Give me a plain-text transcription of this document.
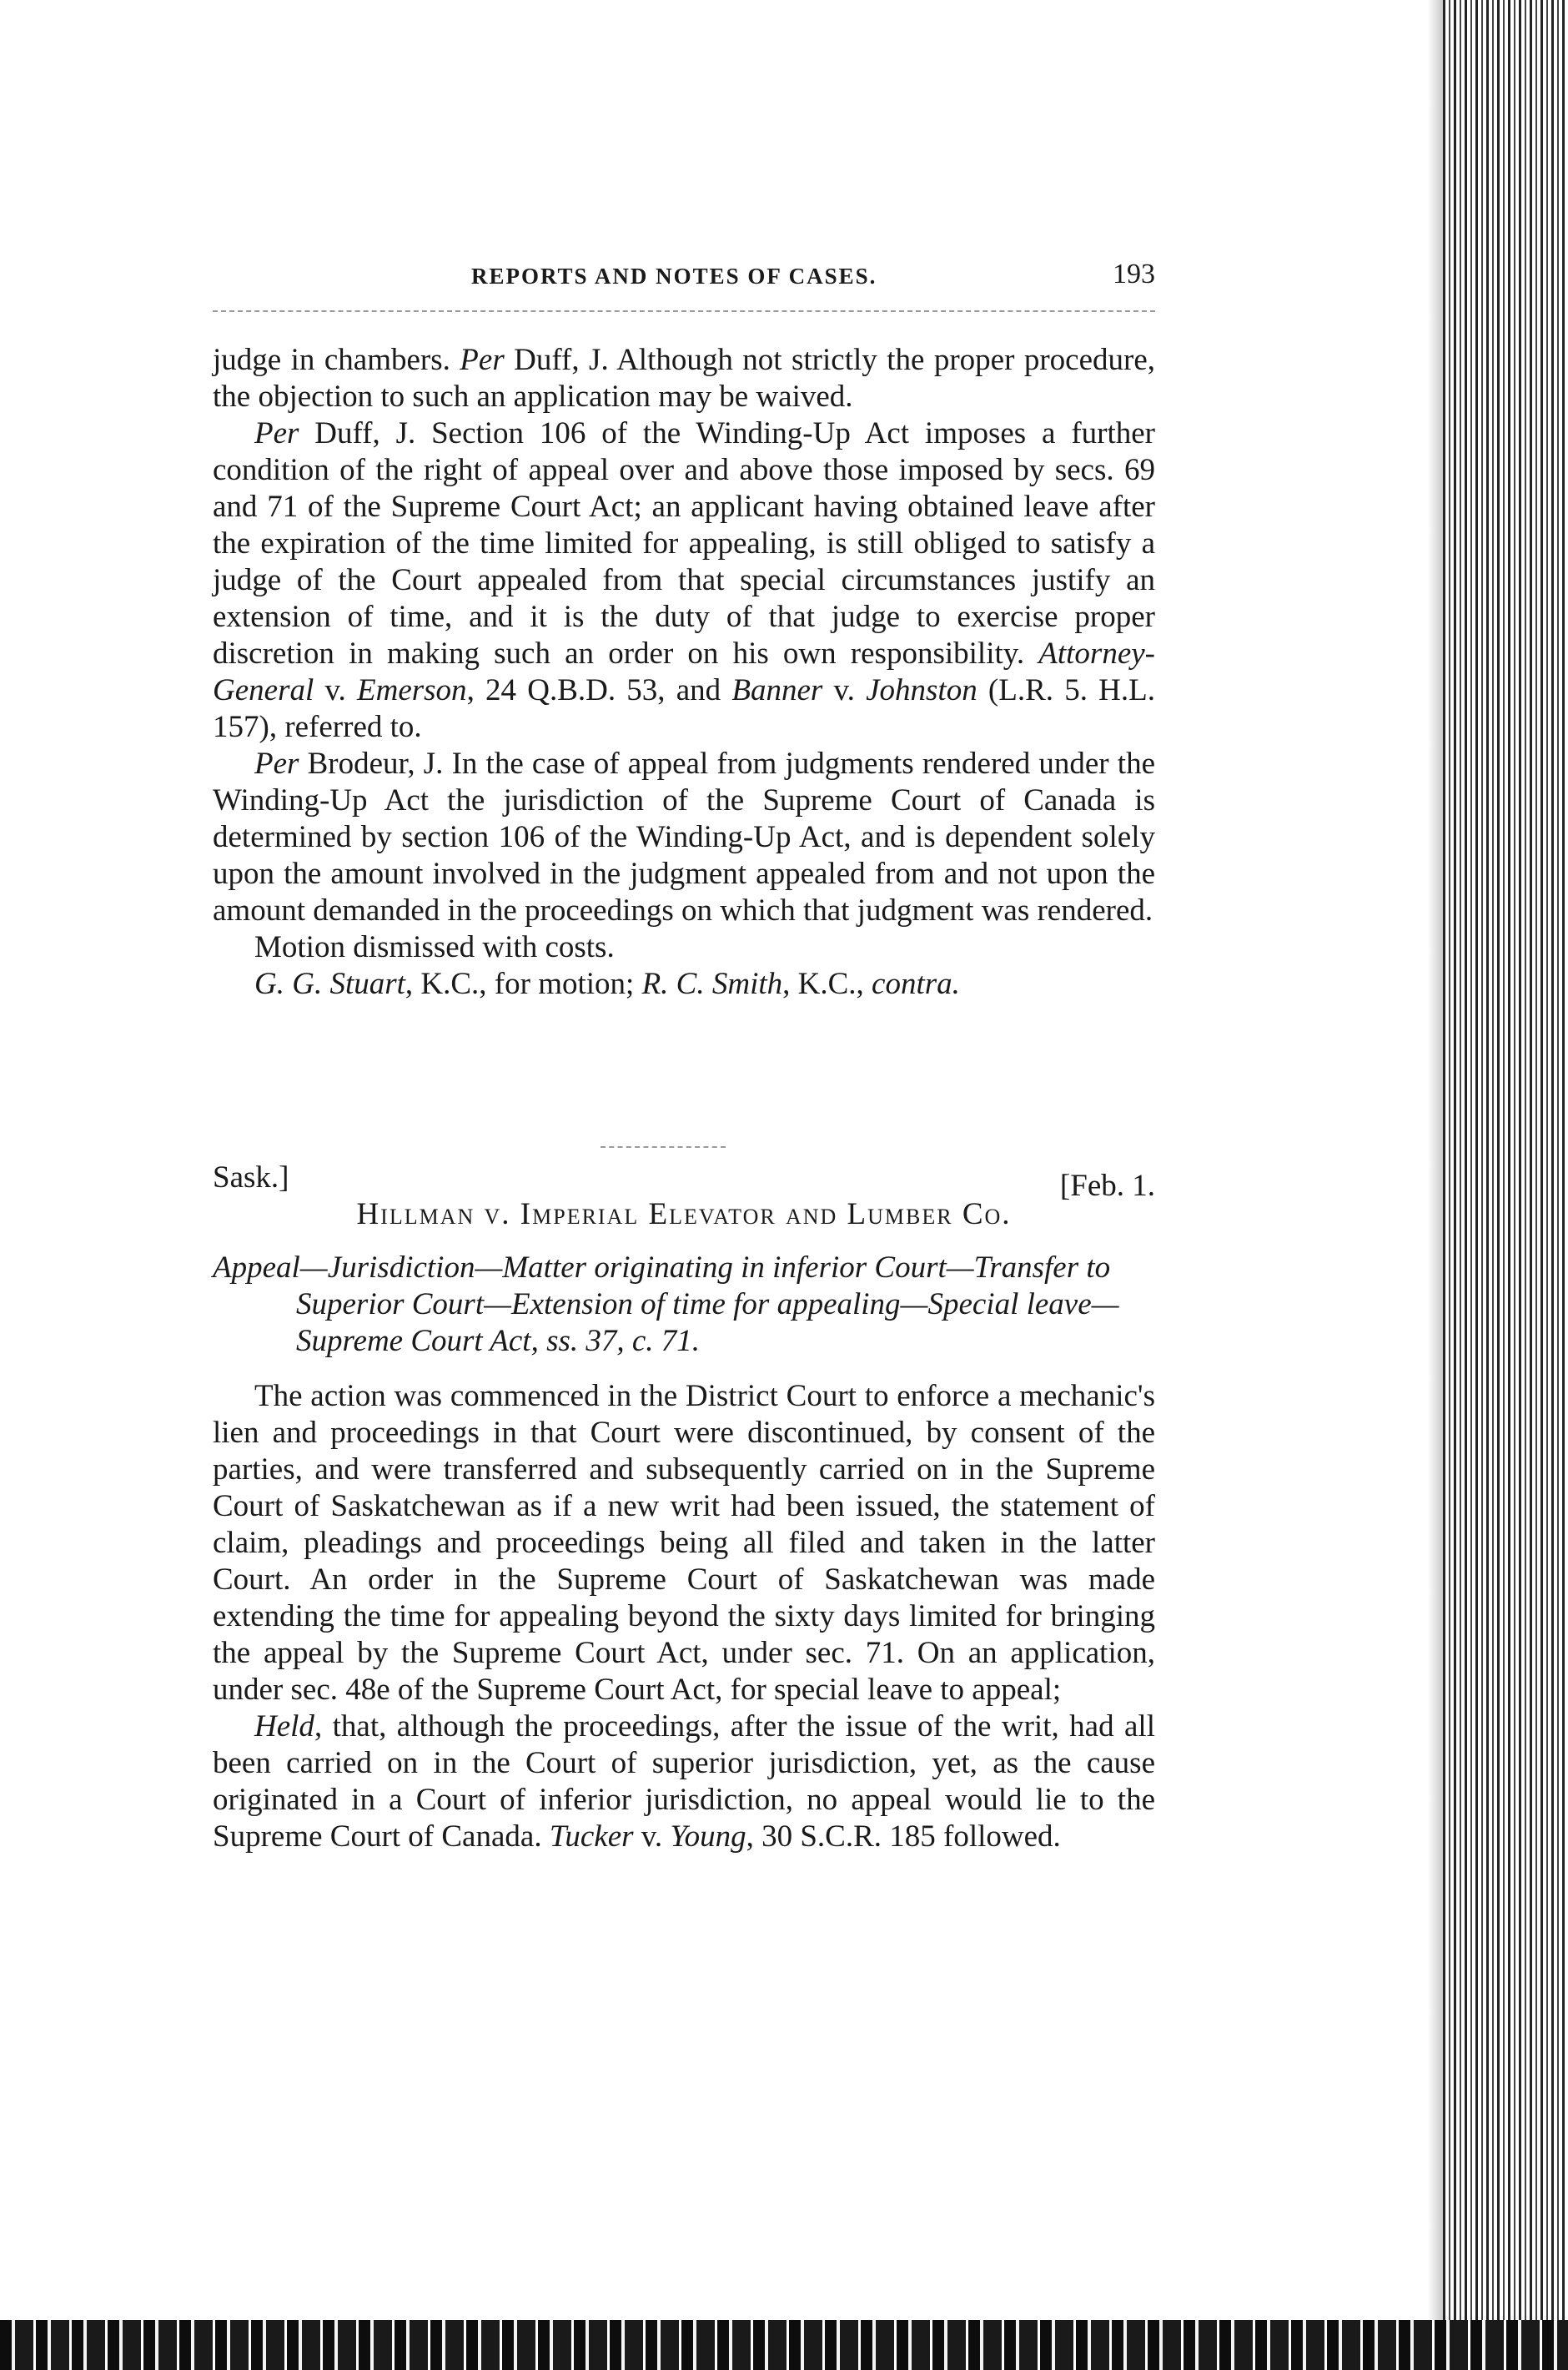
REPORTS AND NOTES OF CASES.	193

judge in chambers. Per Duff, J. Although not strictly the proper procedure, the objection to such an application may be waived.

Per Duff, J. Section 106 of the Winding-Up Act imposes a further condition of the right of appeal over and above those imposed by secs. 69 and 71 of the Supreme Court Act; an applicant having obtained leave after the expiration of the time limited for appealing, is still obliged to satisfy a judge of the Court appealed from that special circumstances justify an extension of time, and it is the duty of that judge to exercise proper discretion in making such an order on his own responsibility. Attorney-General v. Emerson, 24 Q.B.D. 53, and Banner v. Johnston (L.R. 5. H.L. 157), referred to.

Per Brodeur, J. In the case of appeal from judgments rendered under the Winding-Up Act the jurisdiction of the Supreme Court of Canada is determined by section 106 of the Winding-Up Act, and is dependent solely upon the amount involved in the judgment appealed from and not upon the amount demanded in the proceedings on which that judgment was rendered.

Motion dismissed with costs.

G. G. Stuart, K.C., for motion; R. C. Smith, K.C., contra.

Sask.]	[Feb. 1.
Hillman v. Imperial Elevator and Lumber Co.
Appeal—Jurisdiction—Matter originating in inferior Court—Transfer to Superior Court—Extension of time for appealing—Special leave—Supreme Court Act, ss. 37, c. 71.

The action was commenced in the District Court to enforce a mechanic's lien and proceedings in that Court were discontinued, by consent of the parties, and were transferred and subsequently carried on in the Supreme Court of Saskatchewan as if a new writ had been issued, the statement of claim, pleadings and proceedings being all filed and taken in the latter Court. An order in the Supreme Court of Saskatchewan was made extending the time for appealing beyond the sixty days limited for bringing the appeal by the Supreme Court Act, under sec. 71. On an application, under sec. 48e of the Supreme Court Act, for special leave to appeal;

Held, that, although the proceedings, after the issue of the writ, had all been carried on in the Court of superior jurisdiction, yet, as the cause originated in a Court of inferior jurisdiction, no appeal would lie to the Supreme Court of Canada. Tucker v. Young, 30 S.C.R. 185 followed.
